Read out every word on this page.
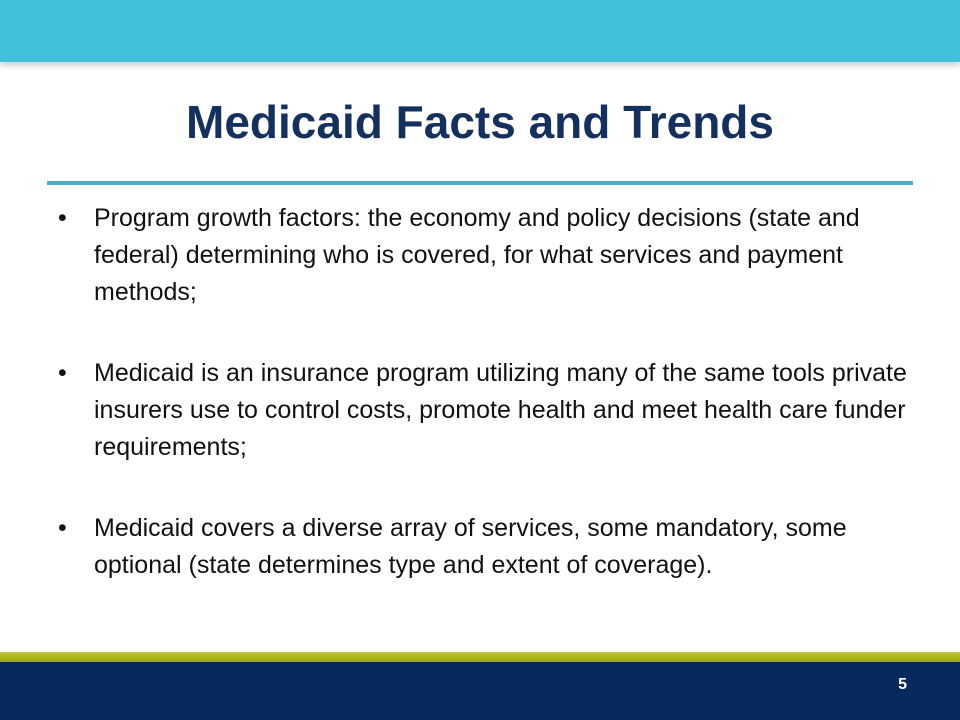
Medicaid Facts and Trends
• Program growth factors: the economy and policy decisions (state and federal) determining who is covered, for what services and payment methods;
• Medicaid is an insurance program utilizing many of the same tools private insurers use to control costs, promote health and meet health care funder requirements;
• Medicaid covers a diverse array of services, some mandatory, some optional (state determines type and extent of coverage).
5
